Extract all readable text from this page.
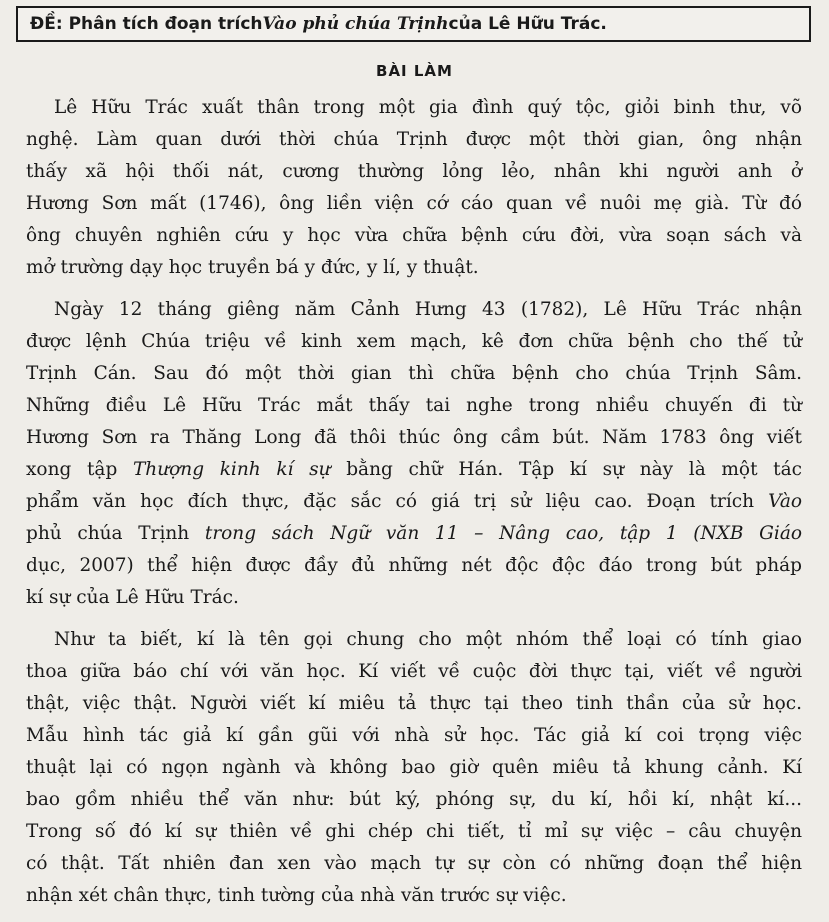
ĐỀ: Phân tích đoạn trích Vào phủ chúa Trịnh của Lê Hữu Trác.
BÀI LÀM
Lê Hữu Trác xuất thân trong một gia đình quý tộc, giỏi binh thư, võ
nghệ. Làm quan dưới thời chúa Trịnh được một thời gian, ông nhận
thấy xã hội thối nát, cương thường lỏng lẻo, nhân khi người anh ở
Hương Sơn mất (1746), ông liền viện cớ cáo quan về nuôi mẹ già. Từ đó
ông chuyên nghiên cứu y học vừa chữa bệnh cứu đời, vừa soạn sách và
mở trường dạy học truyền bá y đức, y lí, y thuật.
Ngày 12 tháng giêng năm Cảnh Hưng 43 (1782), Lê Hữu Trác nhận
được lệnh Chúa triệu về kinh xem mạch, kê đơn chữa bệnh cho thế tử
Trịnh Cán. Sau đó một thời gian thì chữa bệnh cho chúa Trịnh Sâm.
Những điều Lê Hữu Trác mắt thấy tai nghe trong nhiều chuyến đi từ
Hương Sơn ra Thăng Long đã thôi thúc ông cầm bút. Năm 1783 ông viết
xong tập Thượng kinh kí sự bằng chữ Hán. Tập kí sự này là một tác
phẩm văn học đích thực, đặc sắc có giá trị sử liệu cao. Đoạn trích Vào
phủ chúa Trịnh trong sách Ngữ văn 11 – Nâng cao, tập 1 (NXB Giáo
dục, 2007) thể hiện được đầy đủ những nét độc độc đáo trong bút pháp
kí sự của Lê Hữu Trác.
Như ta biết, kí là tên gọi chung cho một nhóm thể loại có tính giao
thoa giữa báo chí với văn học. Kí viết về cuộc đời thực tại, viết về người
thật, việc thật. Người viết kí miêu tả thực tại theo tinh thần của sử học.
Mẫu hình tác giả kí gần gũi với nhà sử học. Tác giả kí coi trọng việc
thuật lại có ngọn ngành và không bao giờ quên miêu tả khung cảnh. Kí
bao gồm nhiều thể văn như: bút ký, phóng sự, du kí, hồi kí, nhật kí...
Trong số đó kí sự thiên về ghi chép chi tiết, tỉ mỉ sự việc – câu chuyện
có thật. Tất nhiên đan xen vào mạch tự sự còn có những đoạn thể hiện
nhận xét chân thực, tinh tường của nhà văn trước sự việc.
